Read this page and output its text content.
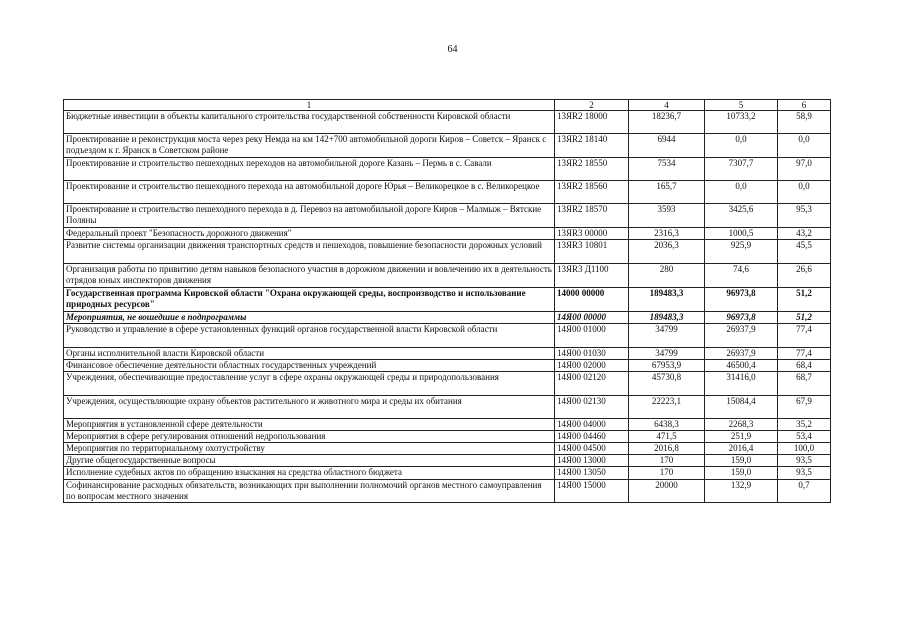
64
1	2	4	5	6
Бюджетные инвестиции в объекты капитального строительства государственной собственности Кировской области	13ЯR2 18000	18236,7	10733,2	58,9
Проектирование и реконструкция моста через реку Немда на км 142+700 автомобильной дороги Киров – Советск – Яранск с подъездом к г. Яранск в Советском районе	13ЯR2 18140	6944	0,0	0,0
Проектирование и строительство пешеходных переходов на автомобильной дороге Казань – Пермь в с. Савали	13ЯR2 18550	7534	7307,7	97,0
Проектирование и строительство пешеходного перехода на автомобильной дороге Юрья – Великорецкое в с. Великорецкое	13ЯR2 18560	165,7	0,0	0,0
Проектирование и строительство пешеходного перехода в д. Перевоз на автомобильной дороге Киров – Малмыж – Вятские Поляны	13ЯR2 18570	3593	3425,6	95,3
Федеральный проект "Безопасность дорожного движения"	13ЯR3 00000	2316,3	1000,5	43,2
Развитие системы организации движения транспортных средств и пешеходов, повышение безопасности дорожных условий	13ЯR3 10801	2036,3	925,9	45,5
Организация работы по привитию детям навыков безопасного участия в дорожном движении и вовлечению их в деятельность отрядов юных инспекторов движения	13ЯR3 Д1100	280	74,6	26,6
Государственная программа Кировской области "Охрана окружающей среды, воспроизводство и использование природных ресурсов"	14000 00000	189483,3	96973,8	51,2
Мероприятия, не вошедшие в подпрограммы	14Я00 00000	189483,3	96973,8	51,2
Руководство и управление в сфере установленных функций органов государственной власти Кировской области	14Я00 01000	34799	26937,9	77,4
Органы исполнительной власти Кировской области	14Я00 01030	34799	26937,9	77,4
Финансовое обеспечение деятельности областных государственных учреждений	14Я00 02000	67953,9	46500,4	68,4
Учреждения, обеспечивающие предоставление услуг в сфере охраны окружающей среды и природопользования	14Я00 02120	45730,8	31416,0	68,7
Учреждения, осуществляющие охрану объектов растительного и животного мира и среды их обитания	14Я00 02130	22223,1	15084,4	67,9
Мероприятия в установленной сфере деятельности	14Я00 04000	6438,3	2268,3	35,2
Мероприятия в сфере регулирования отношений недропользования	14Я00 04460	471,5	251,9	53,4
Мероприятия по территориальному охотустройству	14Я00 04500	2016,8	2016,4	100,0
Другие общегосударственные вопросы	14Я00 13000	170	159,0	93,5
Исполнение судебных актов по обращению взыскания на средства областного бюджета	14Я00 13050	170	159,0	93,5
Софинансирование расходных обязательств, возникающих при выполнении полномочий органов местного самоуправления по вопросам местного значения	14Я00 15000	20000	132,9	0,7
